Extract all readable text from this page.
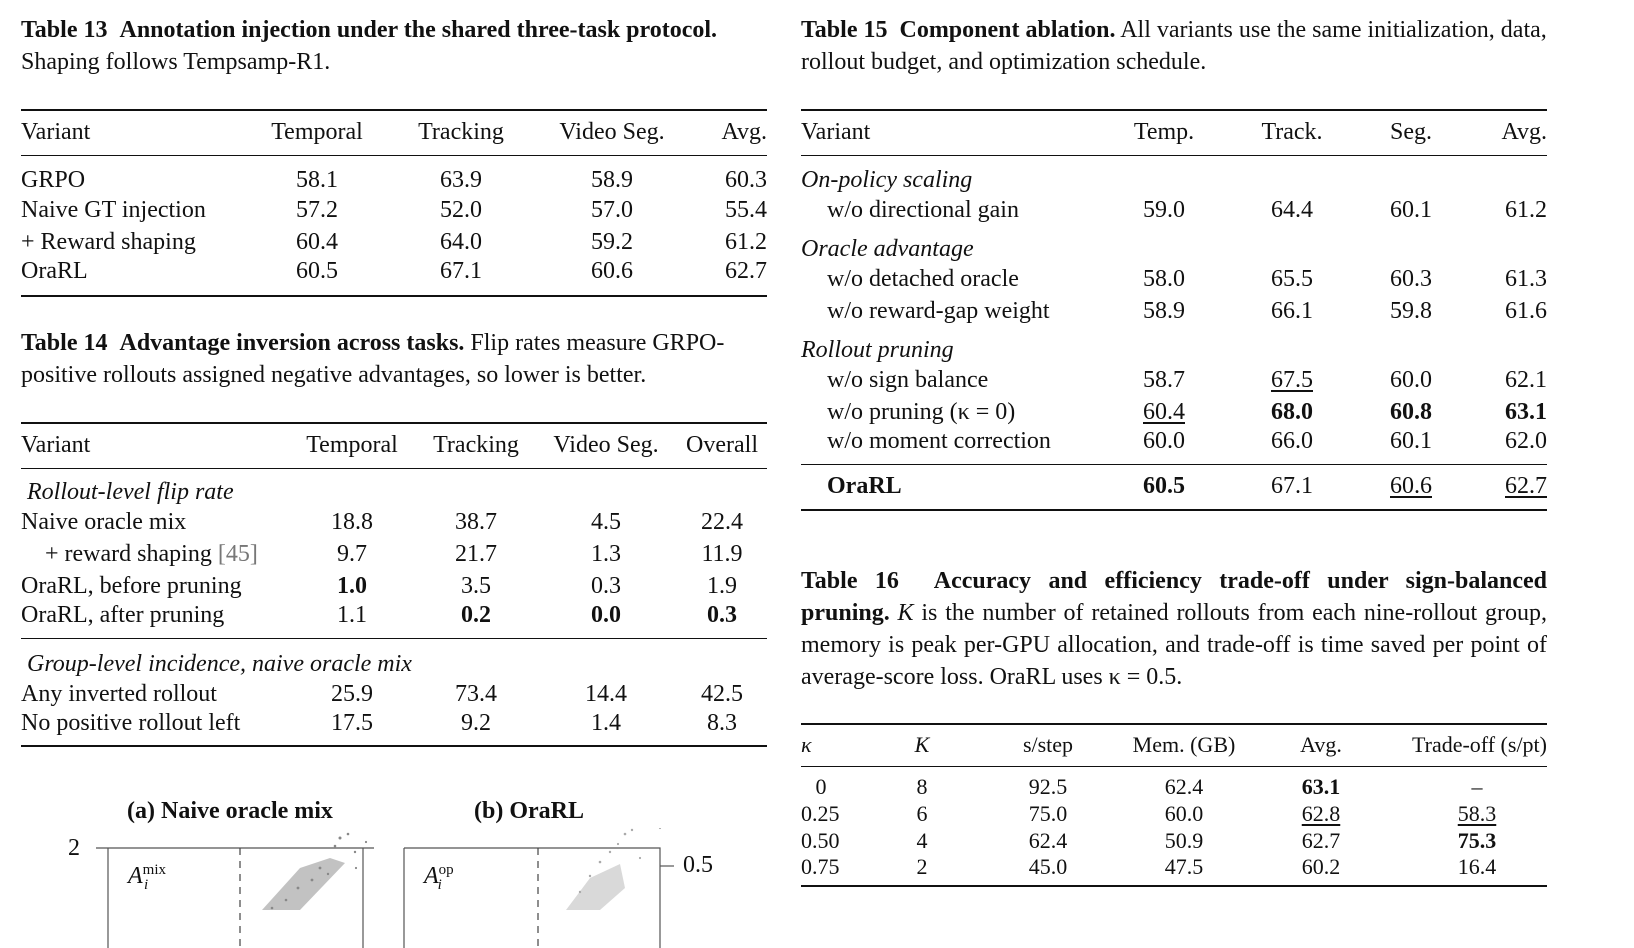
Table 13 Annotation injection under the shared three-task protocol. Shaping follows Tempsamp-R1.

Variant	Temporal	Tracking	Video Seg.	Avg.
GRPO	58.1	63.9	58.9	60.3
Naive GT injection	57.2	52.0	57.0	55.4
+ Reward shaping	60.4	64.0	59.2	61.2
OraRL	60.5	67.1	60.6	62.7

Table 14 Advantage inversion across tasks. Flip rates measure GRPO-positive rollouts assigned negative advantages, so lower is better.

Variant	Temporal	Tracking	Video Seg.	Overall
Rollout-level flip rate				
Naive oracle mix	18.8	38.7	4.5	22.4
+ reward shaping [45]	9.7	21.7	1.3	11.9
OraRL, before pruning	1.0	3.5	0.3	1.9
OraRL, after pruning	1.1	0.2	0.0	0.3
Group-level incidence, naive oracle mix				
Any inverted rollout	25.9	73.4	14.4	42.5
No positive rollout left	17.5	9.2	1.4	8.3
(a) Naive oracle mix	(b) OraRL
2
0.5
$A^{mix}_i$	$A^{op}_i$

Table 15 Component ablation. All variants use the same initialization, data, rollout budget, and optimization schedule.

Variant	Temp.	Track.	Seg.	Avg.
On-policy scaling				
w/o directional gain	59.0	64.4	60.1	61.2
Oracle advantage				
w/o detached oracle	58.0	65.5	60.3	61.3
w/o reward-gap weight	58.9	66.1	59.8	61.6
Rollout pruning				
w/o sign balance	58.7	67.5	60.0	62.1
w/o pruning (κ = 0)	60.4	68.0	60.8	63.1
w/o moment correction	60.0	66.0	60.1	62.0
OraRL	60.5	67.1	60.6	62.7

Table 16 Accuracy and efficiency trade-off under sign-balanced pruning. K is the number of retained rollouts from each nine-rollout group, memory is peak per-GPU allocation, and trade-off is time saved per point of average-score loss. OraRL uses κ = 0.5.

κ	K	s/step	Mem. (GB)	Avg.	Trade-off (s/pt)
0	8	92.5	62.4	63.1	–
0.25	6	75.0	60.0	62.8	58.3
0.50	4	62.4	50.9	62.7	75.3
0.75	2	45.0	47.5	60.2	16.4
